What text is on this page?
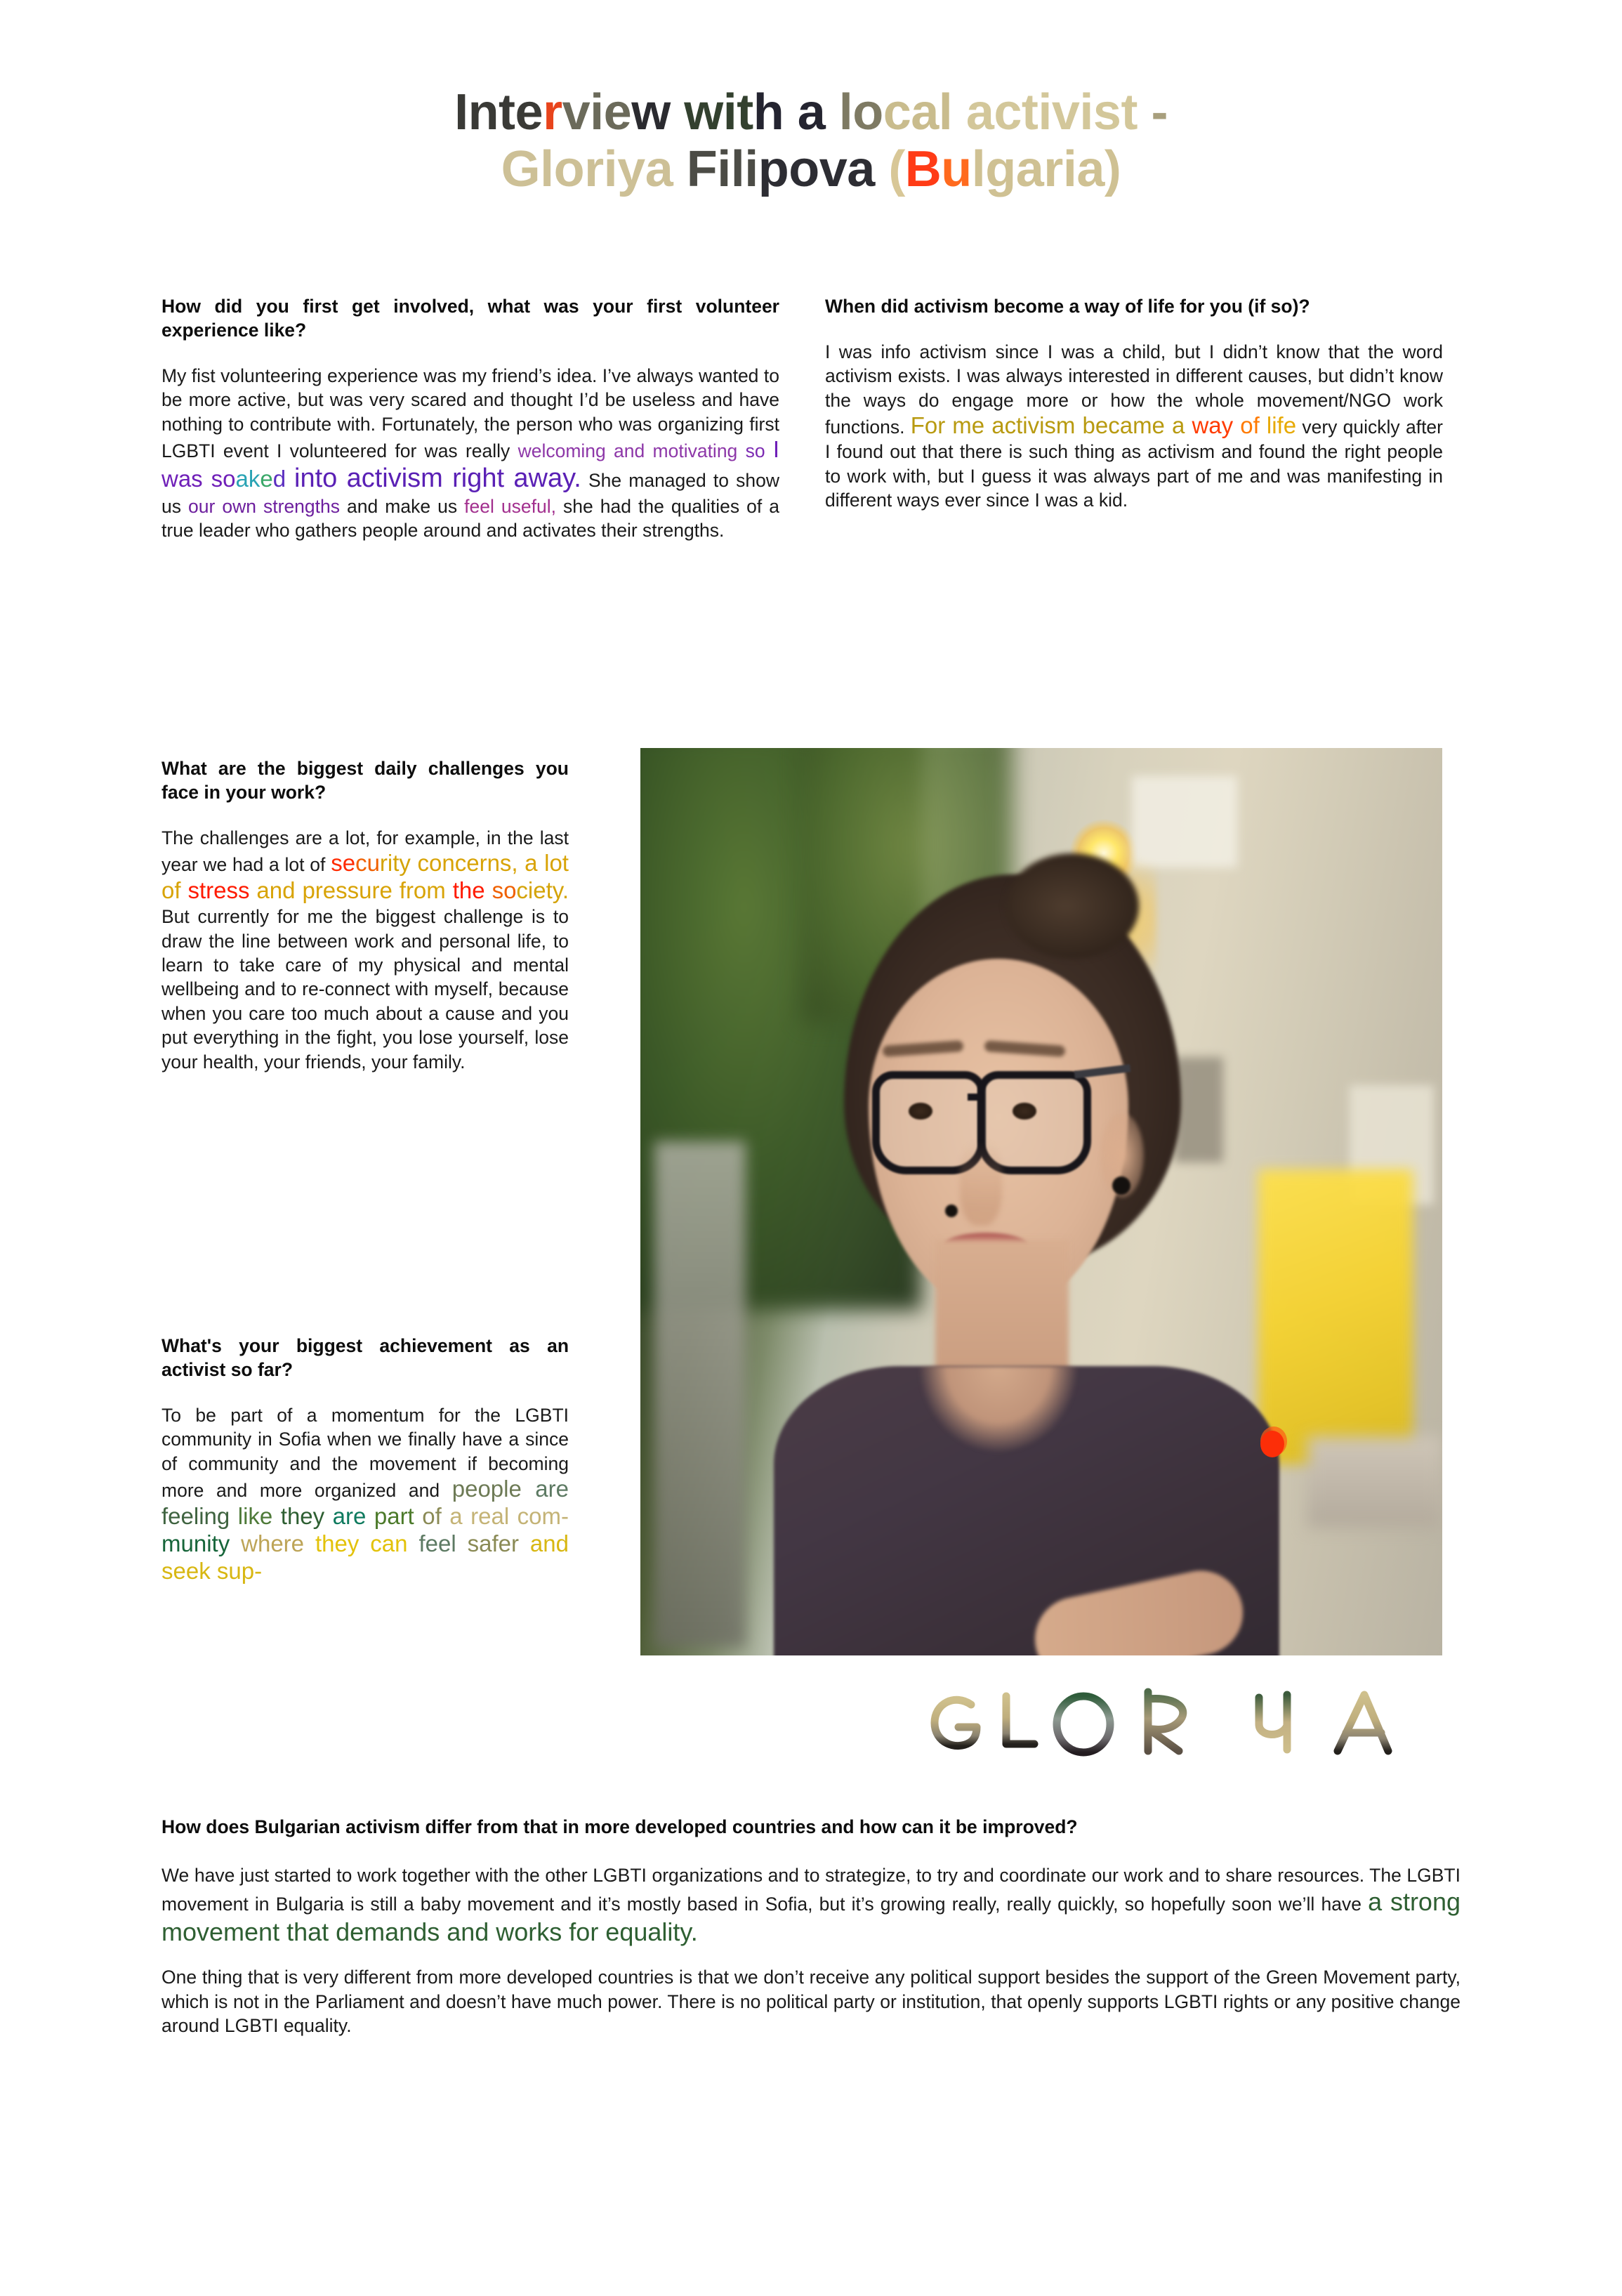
Interview with a local activist -
Gloriya Filipova (Bulgaria)

How did you first get involved, what was your first volunteer experience like?

My fist volunteering experience was my friend’s idea. I’ve always wanted to be more active, but was very scared and thought I’d be useless and have nothing to contribute with. Fortunately, the person who was organizing first LGBTI event I volunteered for was really welcoming and motivating so I was soaked into activism right away. She managed to show us our own strengths and make us feel useful, she had the qualities of a true leader who gathers people around and activates their strengths.

When did activism become a way of life for you (if so)?

I was info activism since I was a child, but I didn’t know that the word activism exists. I was always interested in different causes, but didn’t know the ways do engage more or how the whole movement/NGO work functions. For me activism became a way of life very quickly after I found out that there is such thing as activism and found the right people to work with, but I guess it was always part of me and was manifesting in different ways ever since I was a kid.

What are the biggest daily challenges you face in your work?

The challenges are a lot, for example, in the last year we had a lot of security concerns, a lot of stress and pressure from the society. But currently for me the biggest challenge is to draw the line between work and personal life, to learn to take care of my physical and mental wellbeing and to re-connect with myself, because when you care too much about a cause and you put everything in the fight, you lose yourself, lose your health, your friends, your family.

What's your biggest achievement as an activist so far?

To be part of a momentum for the LGBTI community in Sofia when we finally have a since of community and the movement if becoming more and more organized and people are feeling like they are part of a real com-munity where they can feel safer and seek sup-

How does Bulgarian activism differ from that in more developed countries and how can it be improved?

We have just started to work together with the other LGBTI organizations and to strategize, to try and coordinate our work and to share resources. The LGBTI movement in Bulgaria is still a baby movement and it’s mostly based in Sofia, but it’s growing really, really quickly, so hopefully soon we’ll have a strong movement that demands and works for equality.

One thing that is very different from more developed countries is that we don’t receive any political support besides the support of the Green Movement party, which is not in the Parliament and doesn’t have much power. There is no political party or institution, that openly supports LGBTI rights or any positive change around LGBTI equality.
